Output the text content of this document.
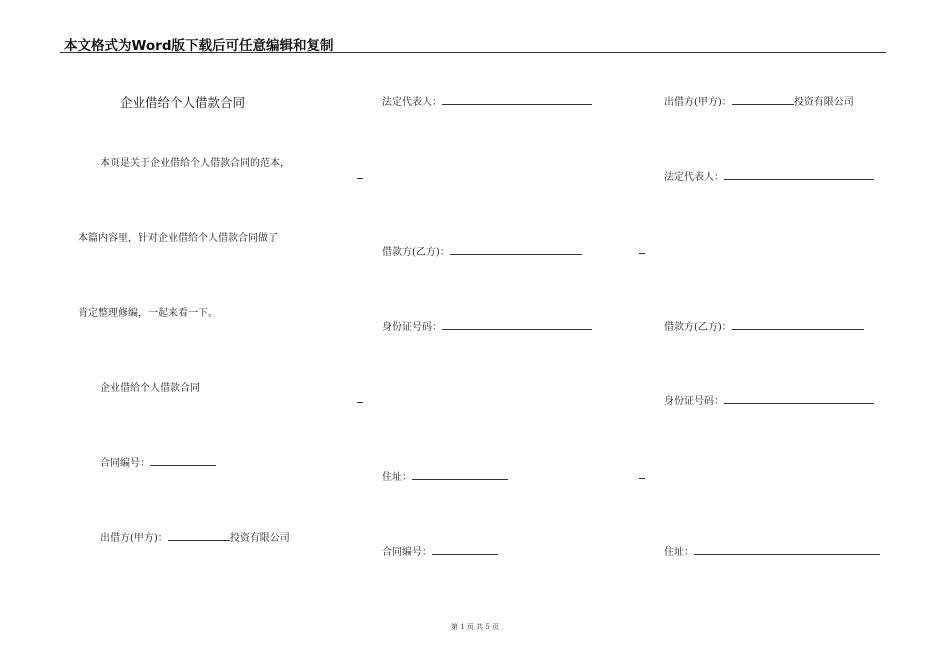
本文格式为Word版下载后可任意编辑和复制
企业借给个人借款合同
本页是关于企业借给个人借款合同的范本，
本篇内容里，针对企业借给个人借款合同做了
肯定整理修编，一起来看一下。
企业借给个人借款合同
合同编号：
出借方(甲方)：	投资有限公司
法定代表人：
借款方(乙方)：
身份证号码：
住址：
合同编号：
出借方(甲方)：	投资有限公司
法定代表人：
借款方(乙方)：
身份证号码：
住址：
第 1 页 共 5 页
